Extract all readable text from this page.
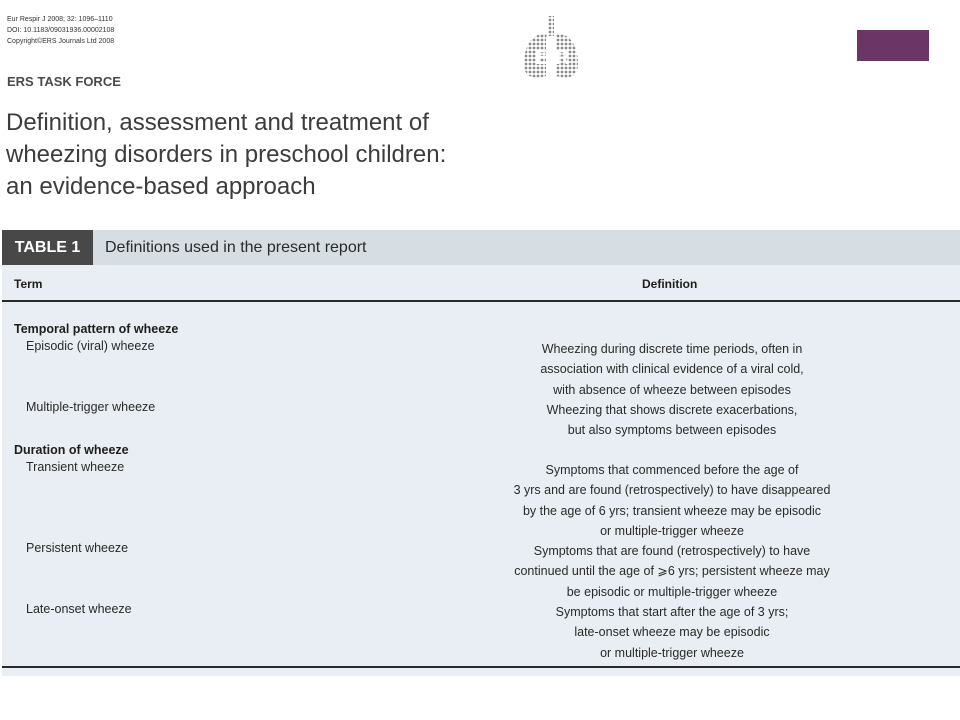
Eur Respir J 2008; 32: 1096–1110
DOI: 10.1183/09031936.00002108
Copyright©ERS Journals Ltd 2008
E R
ERS TASK FORCE
Definition, assessment and treatment of
wheezing disorders in preschool children:
an evidence-based approach
TABLE 1	Definitions used in the present report
Term	Definition
Temporal pattern of wheeze
Episodic (viral) wheeze	Wheezing during discrete time periods, often in
association with clinical evidence of a viral cold,
with absence of wheeze between episodes
Multiple-trigger wheeze	Wheezing that shows discrete exacerbations,
but also symptoms between episodes
Duration of wheeze
Transient wheeze	Symptoms that commenced before the age of
3 yrs and are found (retrospectively) to have disappeared
by the age of 6 yrs; transient wheeze may be episodic
or multiple-trigger wheeze
Persistent wheeze	Symptoms that are found (retrospectively) to have
continued until the age of ⩾6 yrs; persistent wheeze may
be episodic or multiple-trigger wheeze
Late-onset wheeze	Symptoms that start after the age of 3 yrs;
late-onset wheeze may be episodic
or multiple-trigger wheeze
